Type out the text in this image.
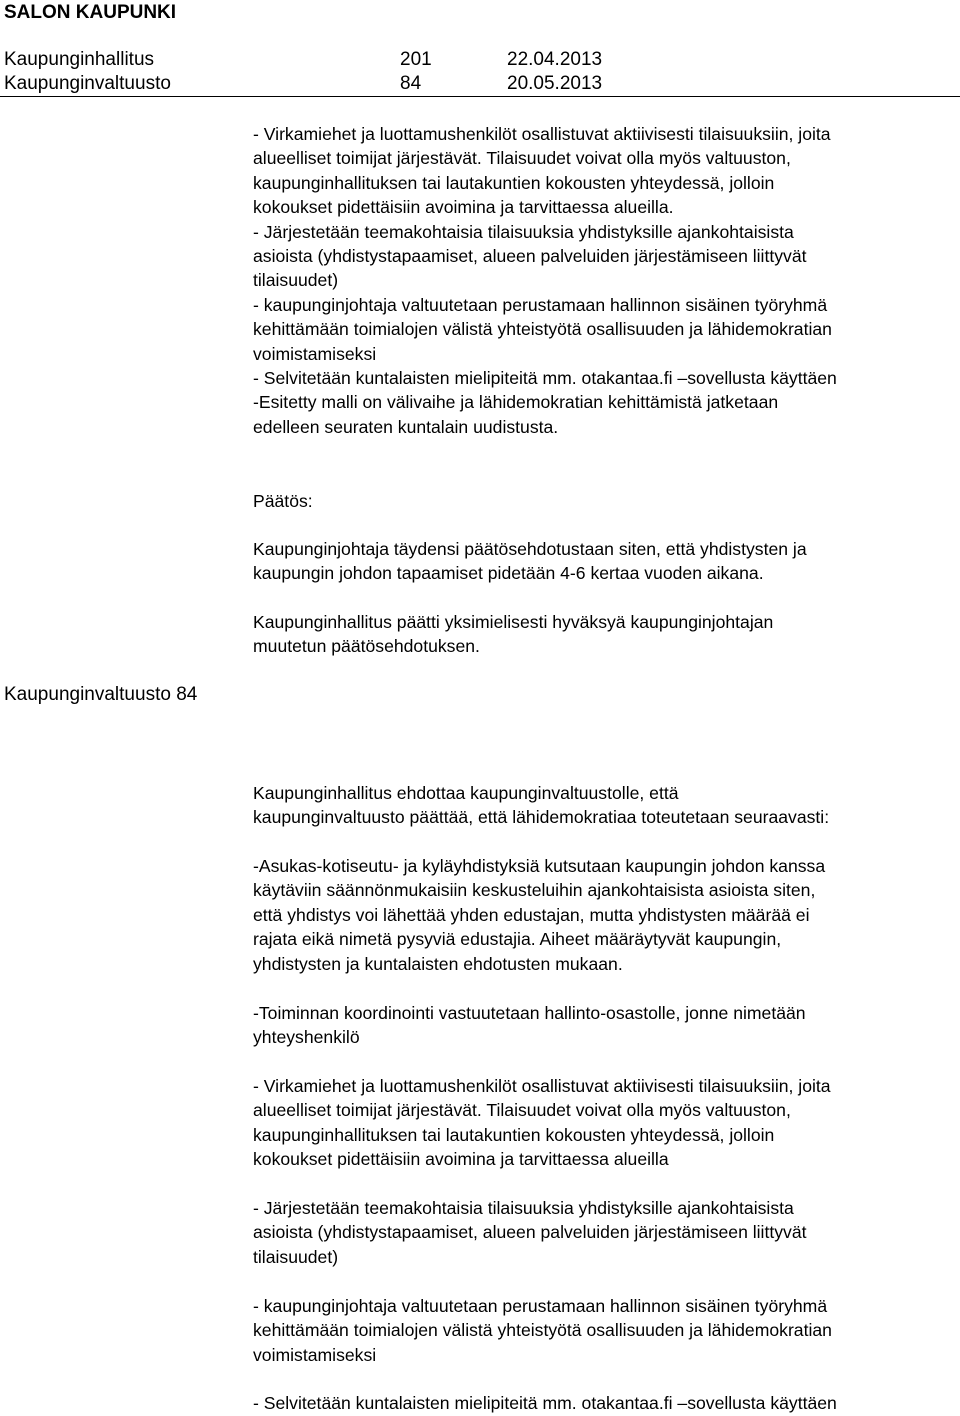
SALON KAUPUNKI
Kaupunginhallitus	201	22.04.2013
Kaupunginvaltuusto	84	20.05.2013

- Virkamiehet ja luottamushenkilöt osallistuvat aktiivisesti tilaisuuksiin, joita
alueelliset toimijat järjestävät. Tilaisuudet voivat olla myös valtuuston,
kaupunginhallituksen tai lautakuntien kokousten yhteydessä, jolloin
kokoukset pidettäisiin avoimina ja tarvittaessa alueilla.
- Järjestetään teemakohtaisia tilaisuuksia yhdistyksille ajankohtaisista
asioista (yhdistystapaamiset, alueen palveluiden järjestämiseen liittyvät
tilaisuudet)
- kaupunginjohtaja valtuutetaan perustamaan hallinnon sisäinen työryhmä
kehittämään toimialojen välistä yhteistyötä osallisuuden ja lähidemokratian
voimistamiseksi
- Selvitetään kuntalaisten mielipiteitä mm. otakantaa.fi –sovellusta käyttäen
-Esitetty malli on välivaihe ja lähidemokratian kehittämistä jatketaan
edelleen seuraten kuntalain uudistusta.

Päätös:

Kaupunginjohtaja täydensi päätösehdotustaan siten, että yhdistysten ja
kaupungin johdon tapaamiset pidetään 4-6 kertaa vuoden aikana.

Kaupunginhallitus päätti yksimielisesti hyväksyä kaupunginjohtajan
muutetun päätösehdotuksen.

Kaupunginvaltuusto 84

Kaupunginhallitus ehdottaa kaupunginvaltuustolle, että
kaupunginvaltuusto päättää, että lähidemokratiaa toteutetaan seuraavasti:

-Asukas-kotiseutu- ja kyläyhdistyksiä kutsutaan kaupungin johdon kanssa
käytäviin säännönmukaisiin keskusteluihin ajankohtaisista asioista siten,
että yhdistys voi lähettää yhden edustajan, mutta yhdistysten määrää ei
rajata eikä nimetä pysyviä edustajia. Aiheet määräytyvät kaupungin,
yhdistysten ja kuntalaisten ehdotusten mukaan.

-Toiminnan koordinointi vastuutetaan hallinto-osastolle, jonne nimetään
yhteyshenkilö

- Virkamiehet ja luottamushenkilöt osallistuvat aktiivisesti tilaisuuksiin, joita
alueelliset toimijat järjestävät. Tilaisuudet voivat olla myös valtuuston,
kaupunginhallituksen tai lautakuntien kokousten yhteydessä, jolloin
kokoukset pidettäisiin avoimina ja tarvittaessa alueilla

- Järjestetään teemakohtaisia tilaisuuksia yhdistyksille ajankohtaisista
asioista (yhdistystapaamiset, alueen palveluiden järjestämiseen liittyvät
tilaisuudet)

- kaupunginjohtaja valtuutetaan perustamaan hallinnon sisäinen työryhmä
kehittämään toimialojen välistä yhteistyötä osallisuuden ja lähidemokratian
voimistamiseksi

- Selvitetään kuntalaisten mielipiteitä mm. otakantaa.fi –sovellusta käyttäen
